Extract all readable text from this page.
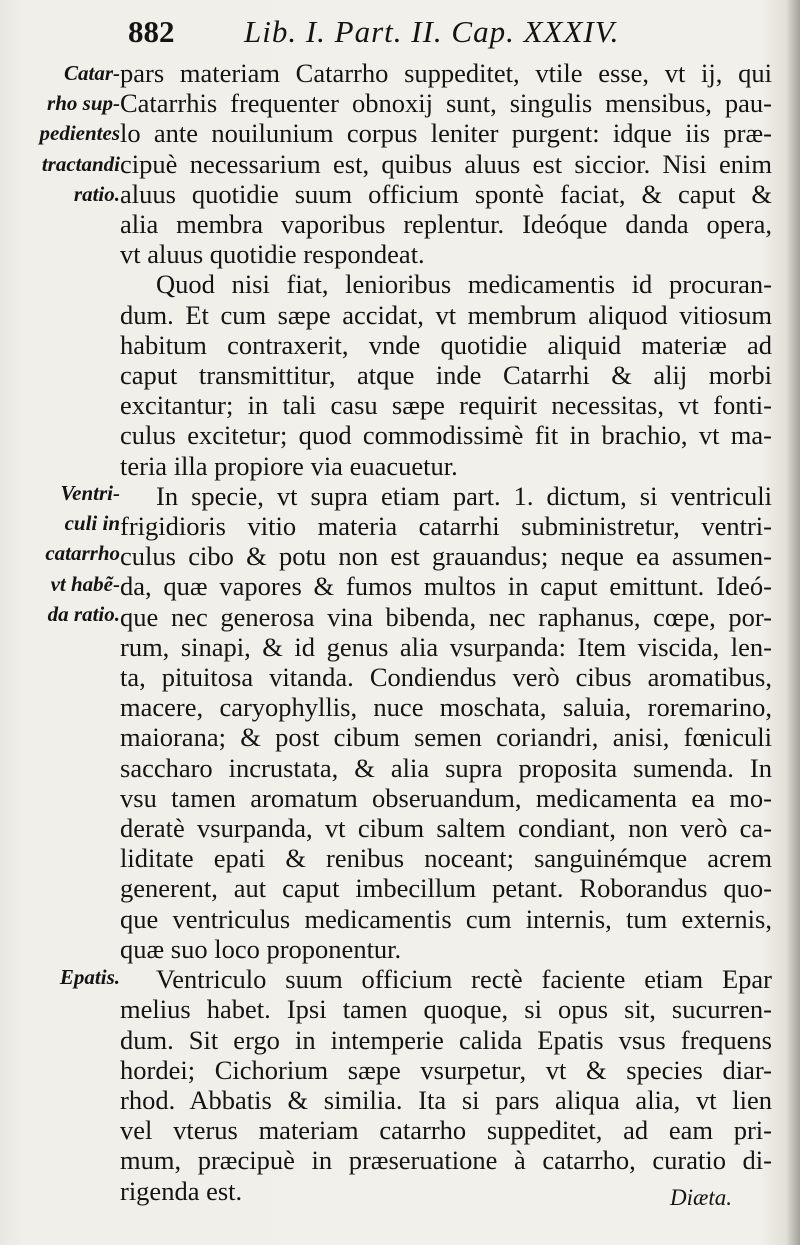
882 Lib. I. Part. II. Cap. XXXIV.
Catar-
rho sup-
pedientes
tractandi
ratio.
Ventri-
culi in
catarrho
vt habẽ-
da ratio.
Epatis.
pars materiam Catarrho suppeditet, vtile esse, vt ij, qui
Catarrhis frequenter obnoxij sunt, singulis mensibus, pau-
lo ante nouilunium corpus leniter purgent: idque iis præ-
cipuè necessarium est, quibus aluus est siccior. Nisi enim
aluus quotidie suum officium spontè faciat, & caput &
alia membra vaporibus replentur. Ideóque danda opera,
vt aluus quotidie respondeat.
Quod nisi fiat, lenioribus medicamentis id procuran-
dum. Et cum sæpe accidat, vt membrum aliquod vitiosum
habitum contraxerit, vnde quotidie aliquid materiæ ad
caput transmittitur, atque inde Catarrhi & alij morbi
excitantur; in tali casu sæpe requirit necessitas, vt fonti-
culus excitetur; quod commodissimè fit in brachio, vt ma-
teria illa propiore via euacuetur.
In specie, vt supra etiam part. 1. dictum, si ventriculi
frigidioris vitio materia catarrhi subministretur, ventri-
culus cibo & potu non est grauandus; neque ea assumen-
da, quæ vapores & fumos multos in caput emittunt. Ideó-
que nec generosa vina bibenda, nec raphanus, cœpe, por-
rum, sinapi, & id genus alia vsurpanda: Item viscida, len-
ta, pituitosa vitanda. Condiendus verò cibus aromatibus,
macere, caryophyllis, nuce moschata, saluia, roremarino,
maiorana; & post cibum semen coriandri, anisi, fœniculi
saccharo incrustata, & alia supra proposita sumenda. In
vsu tamen aromatum obseruandum, medicamenta ea mo-
deratè vsurpanda, vt cibum saltem condiant, non verò ca-
liditate epati & renibus noceant; sanguinémque acrem
generent, aut caput imbecillum petant. Roborandus quo-
que ventriculus medicamentis cum internis, tum externis,
quæ suo loco proponentur.
Ventriculo suum officium rectè faciente etiam Epar
melius habet. Ipsi tamen quoque, si opus sit, sucurren-
dum. Sit ergo in intemperie calida Epatis vsus frequens
hordei; Cichorium sæpe vsurpetur, vt & species diar-
rhod. Abbatis & similia. Ita si pars aliqua alia, vt lien
vel vterus materiam catarrho suppeditet, ad eam pri-
mum, præcipuè in præseruatione à catarrho, curatio di-
rigenda est.	Diæta.
